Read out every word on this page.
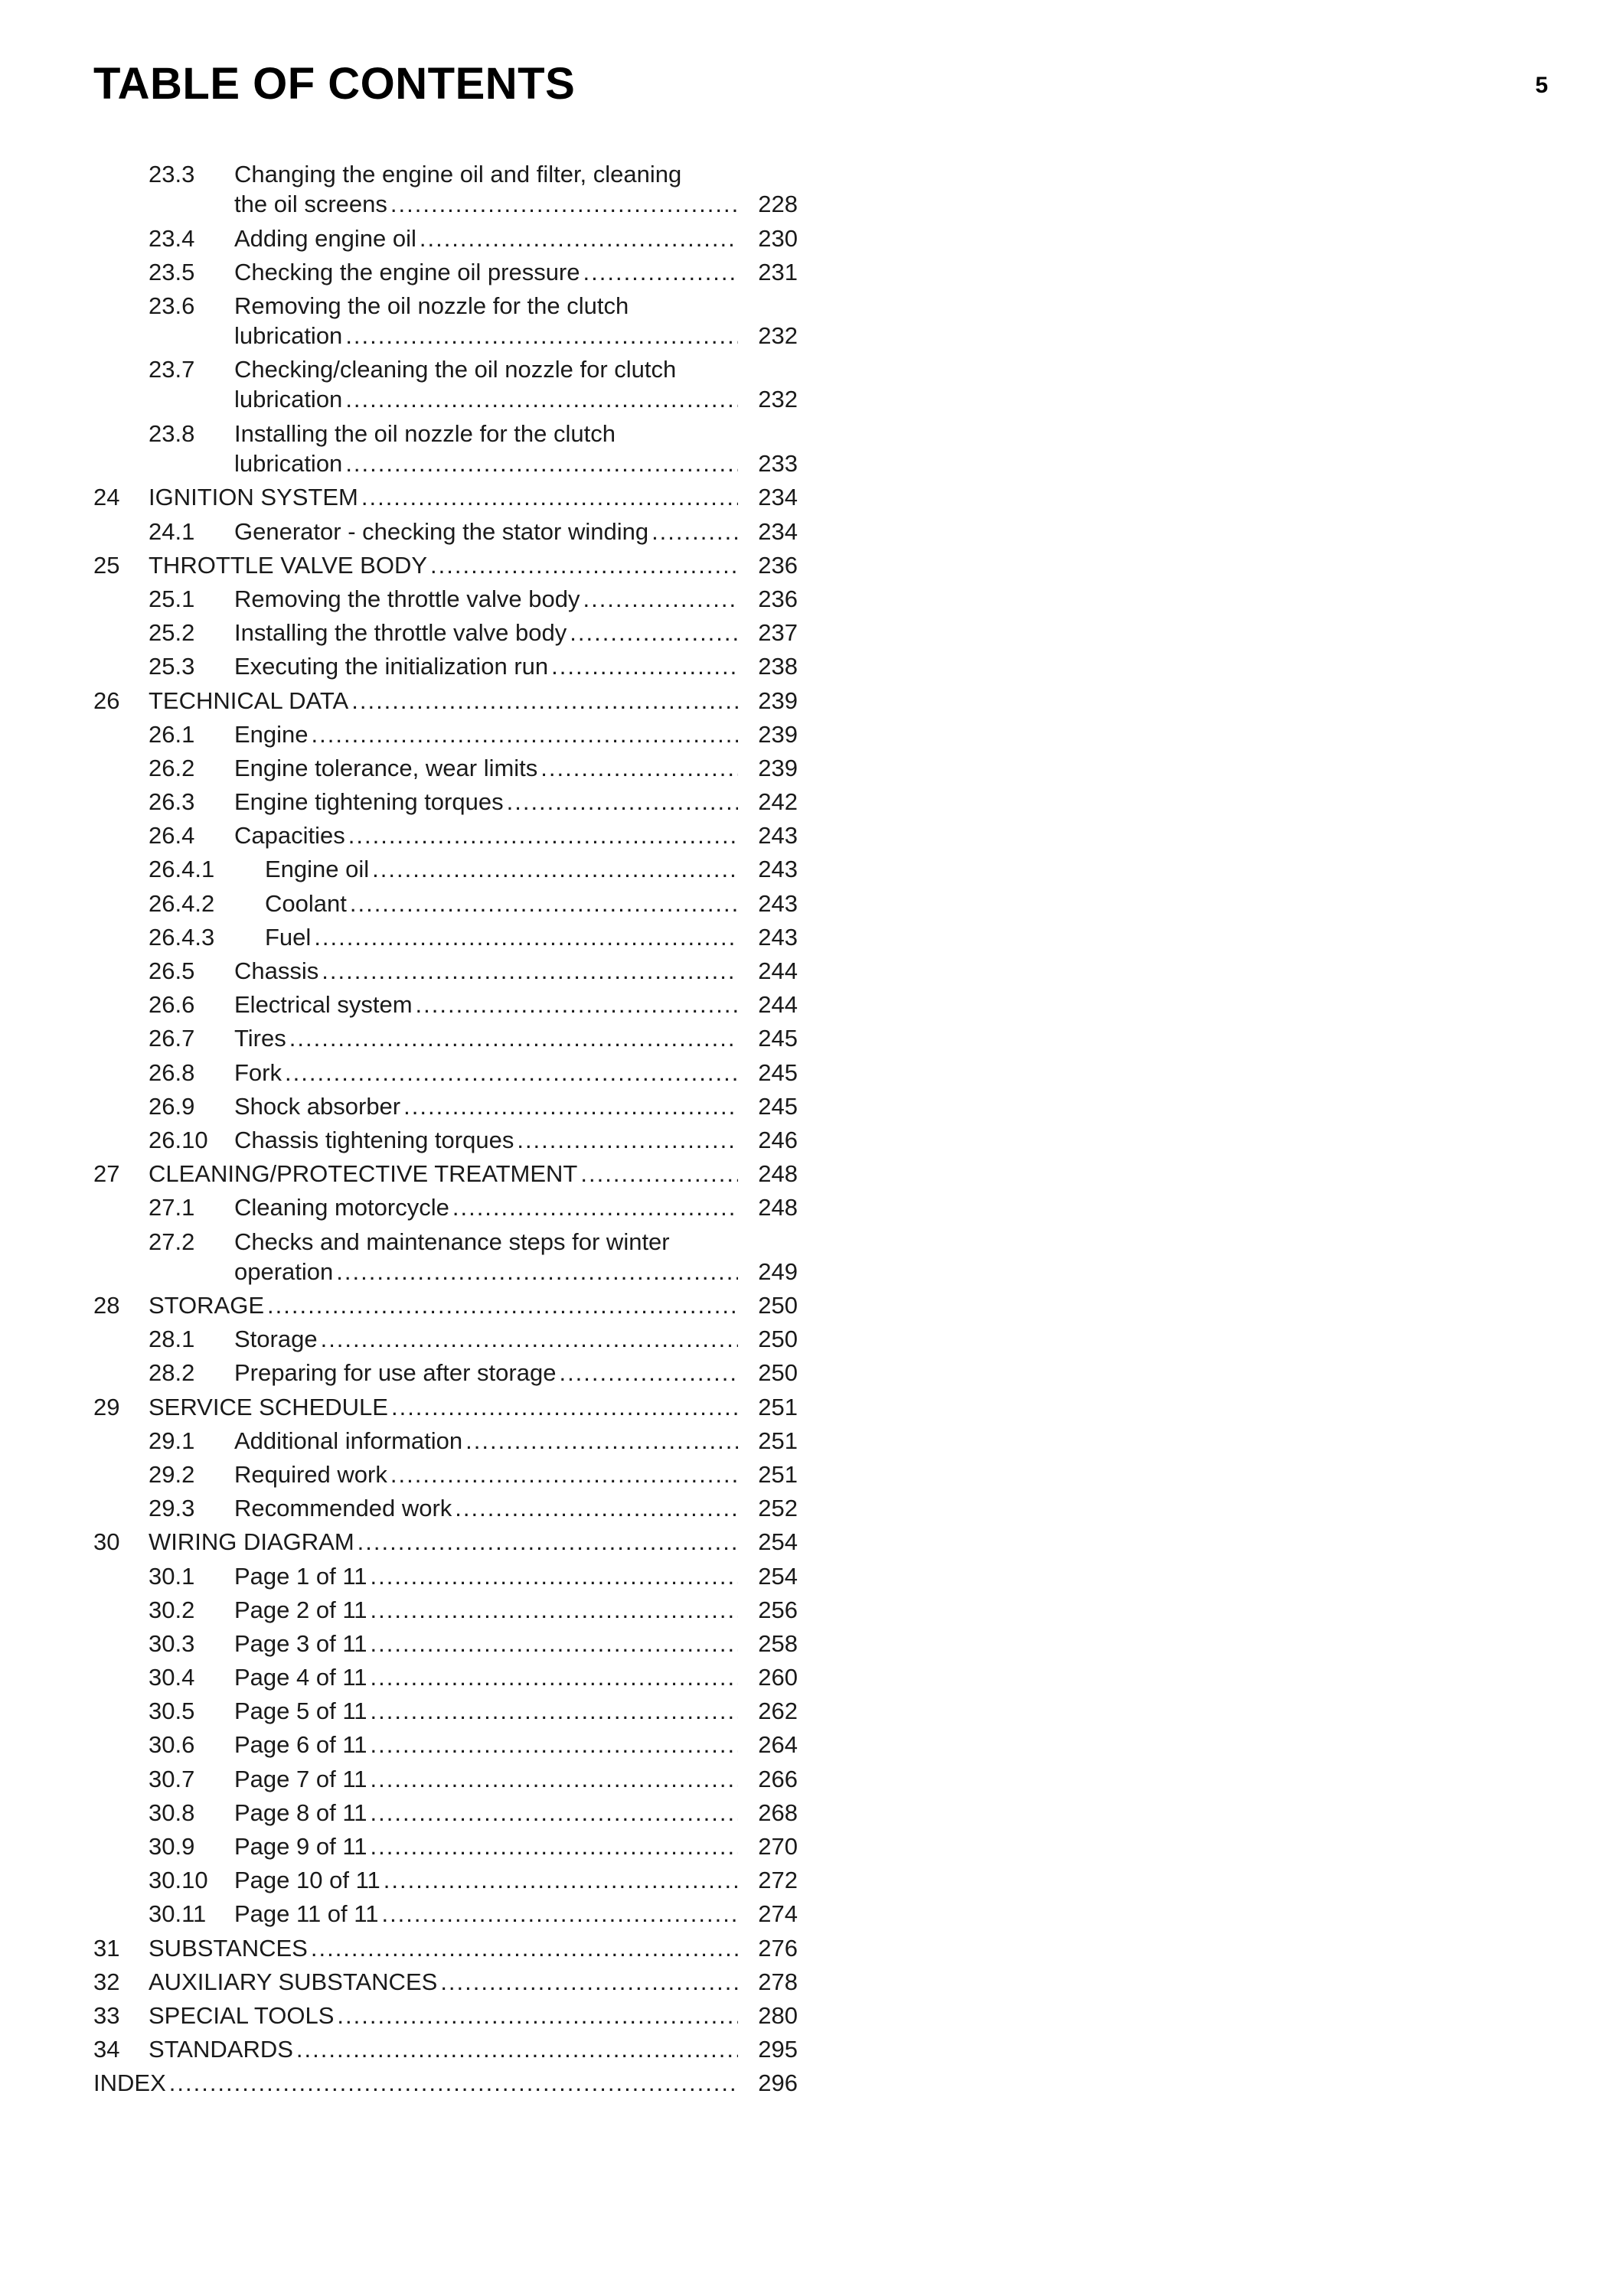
TABLE OF CONTENTS	5
23.3	Changing the engine oil and filter, cleaning
the oil screens .....	228
23.4	Adding engine oil .....	230
23.5	Checking the engine oil pressure .....	231
23.6	Removing the oil nozzle for the clutch
lubrication .....	232
23.7	Checking/cleaning the oil nozzle for clutch
lubrication .....	232
23.8	Installing the oil nozzle for the clutch
lubrication .....	233
24	IGNITION SYSTEM .....	234
24.1	Generator - checking the stator winding .....	234
25	THROTTLE VALVE BODY .....	236
25.1	Removing the throttle valve body .....	236
25.2	Installing the throttle valve body .....	237
25.3	Executing the initialization run .....	238
26	TECHNICAL DATA .....	239
26.1	Engine .....	239
26.2	Engine tolerance, wear limits .....	239
26.3	Engine tightening torques .....	242
26.4	Capacities .....	243
26.4.1	Engine oil .....	243
26.4.2	Coolant .....	243
26.4.3	Fuel .....	243
26.5	Chassis .....	244
26.6	Electrical system .....	244
26.7	Tires .....	245
26.8	Fork .....	245
26.9	Shock absorber .....	245
26.10	Chassis tightening torques .....	246
27	CLEANING/PROTECTIVE TREATMENT .....	248
27.1	Cleaning motorcycle .....	248
27.2	Checks and maintenance steps for winter
operation .....	249
28	STORAGE .....	250
28.1	Storage .....	250
28.2	Preparing for use after storage .....	250
29	SERVICE SCHEDULE .....	251
29.1	Additional information .....	251
29.2	Required work .....	251
29.3	Recommended work .....	252
30	WIRING DIAGRAM .....	254
30.1	Page 1 of 11 .....	254
30.2	Page 2 of 11 .....	256
30.3	Page 3 of 11 .....	258
30.4	Page 4 of 11 .....	260
30.5	Page 5 of 11 .....	262
30.6	Page 6 of 11 .....	264
30.7	Page 7 of 11 .....	266
30.8	Page 8 of 11 .....	268
30.9	Page 9 of 11 .....	270
30.10	Page 10 of 11 .....	272
30.11	Page 11 of 11 .....	274
31	SUBSTANCES .....	276
32	AUXILIARY SUBSTANCES .....	278
33	SPECIAL TOOLS .....	280
34	STANDARDS .....	295
INDEX .....	296
